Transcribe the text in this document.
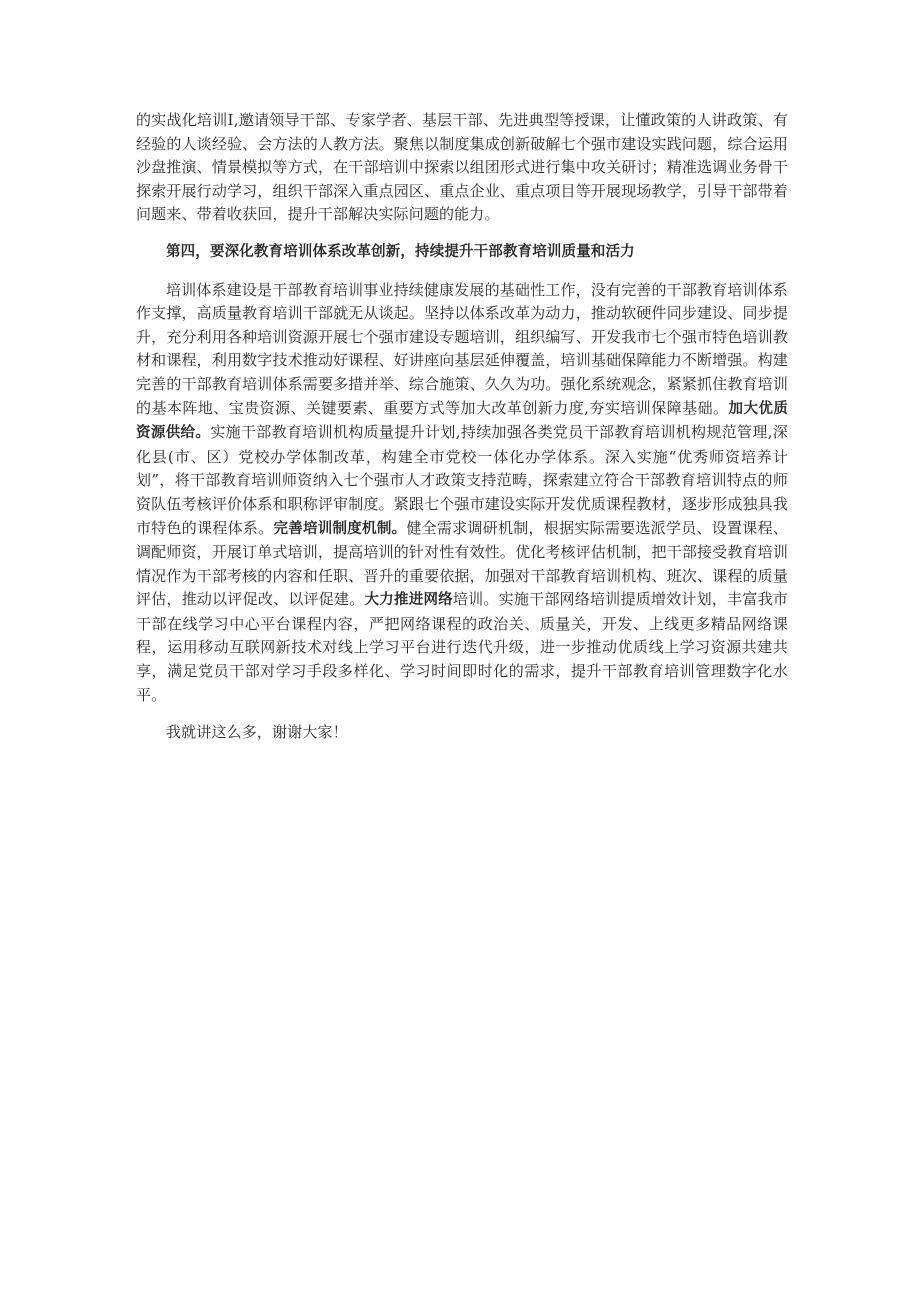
的实战化培训Ⅰ,邀请领导干部、专家学者、基层干部、先进典型等授课，让懂政策的人讲政策、有经验的人谈经验、会方法的人教方法。聚焦以制度集成创新破解七个强市建设实践问题，综合运用沙盘推演、情景模拟等方式，在干部培训中探索以组团形式进行集中攻关研讨；精准选调业务骨干探索开展行动学习，组织干部深入重点园区、重点企业、重点项目等开展现场教学，引导干部带着问题来、带着收获回，提升干部解决实际问题的能力。

第四，要深化教育培训体系改革创新，持续提升干部教育培训质量和活力

培训体系建设是干部教育培训事业持续健康发展的基础性工作，没有完善的干部教育培训体系作支撑，高质量教育培训干部就无从谈起。坚持以体系改革为动力，推动软硬件同步建设、同步提升，充分利用各种培训资源开展七个强市建设专题培训，组织编写、开发我市七个强市特色培训教材和课程，利用数字技术推动好课程、好讲座向基层延伸覆盖，培训基础保障能力不断增强。构建完善的干部教育培训体系需要多措并举、综合施策、久久为功。强化系统观念，紧紧抓住教育培训的基本阵地、宝贵资源、关键要素、重要方式等加大改革创新力度,夯实培训保障基础。加大优质资源供给。实施干部教育培训机构质量提升计划,持续加强各类党员干部教育培训机构规范管理,深化县(市、区）党校办学体制改革，构建全市党校一体化办学体系。深入实施“优秀师资培养计划”，将干部教育培训师资纳入七个强市人才政策支持范畴，探索建立符合干部教育培训特点的师资队伍考核评价体系和职称评审制度。紧跟七个强市建设实际开发优质课程教材，逐步形成独具我市特色的课程体系。完善培训制度机制。健全需求调研机制，根据实际需要选派学员、设置课程、调配师资，开展订单式培训，提高培训的针对性有效性。优化考核评估机制，把干部接受教育培训情况作为干部考核的内容和任职、晋升的重要依据，加强对干部教育培训机构、班次、课程的质量评估，推动以评促改、以评促建。大力推进网络培训。实施干部网络培训提质增效计划，丰富我市干部在线学习中心平台课程内容，严把网络课程的政治关、质量关，开发、上线更多精品网络课程，运用移动互联网新技术对线上学习平台进行迭代升级，进一步推动优质线上学习资源共建共享，满足党员干部对学习手段多样化、学习时间即时化的需求，提升干部教育培训管理数字化水平。

我就讲这么多，谢谢大家！
